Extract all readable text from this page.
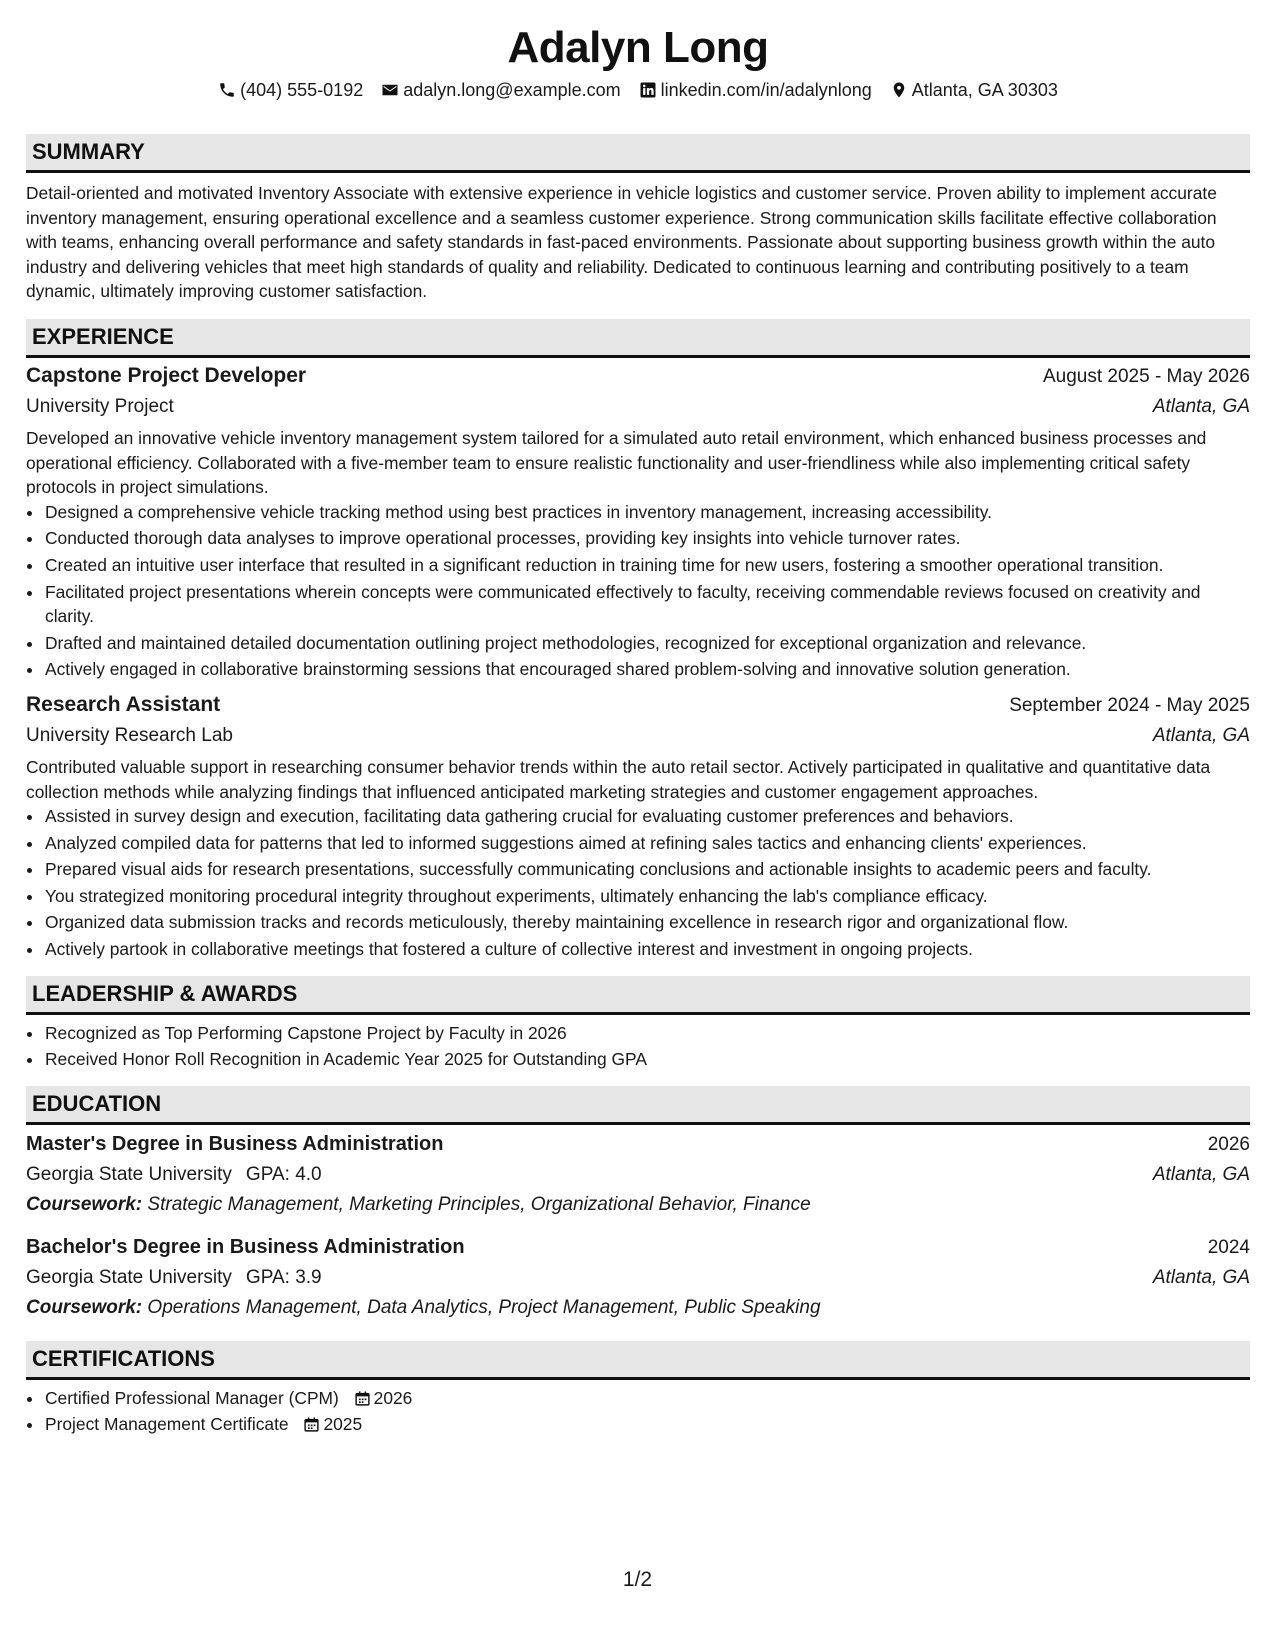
Adalyn Long
(404) 555-0192 adalyn.long@example.com linkedin.com/in/adalynlong Atlanta, GA 30303
SUMMARY

Detail-oriented and motivated Inventory Associate with extensive experience in vehicle logistics and customer service. Proven ability to implement accurate inventory management, ensuring operational excellence and a seamless customer experience. Strong communication skills facilitate effective collaboration with teams, enhancing overall performance and safety standards in fast-paced environments. Passionate about supporting business growth within the auto industry and delivering vehicles that meet high standards of quality and reliability. Dedicated to continuous learning and contributing positively to a team dynamic, ultimately improving customer satisfaction.

EXPERIENCE
Capstone Project Developer	August 2025 - May 2026
University Project	Atlanta, GA

Developed an innovative vehicle inventory management system tailored for a simulated auto retail environment, which enhanced business processes and operational efficiency. Collaborated with a five-member team to ensure realistic functionality and user-friendliness while also implementing critical safety protocols in project simulations.

• Designed a comprehensive vehicle tracking method using best practices in inventory management, increasing accessibility.
• Conducted thorough data analyses to improve operational processes, providing key insights into vehicle turnover rates.
• Created an intuitive user interface that resulted in a significant reduction in training time for new users, fostering a smoother operational transition.
• Facilitated project presentations wherein concepts were communicated effectively to faculty, receiving commendable reviews focused on creativity and clarity.
• Drafted and maintained detailed documentation outlining project methodologies, recognized for exceptional organization and relevance.
• Actively engaged in collaborative brainstorming sessions that encouraged shared problem-solving and innovative solution generation.
Research Assistant	September 2024 - May 2025
University Research Lab	Atlanta, GA

Contributed valuable support in researching consumer behavior trends within the auto retail sector. Actively participated in qualitative and quantitative data collection methods while analyzing findings that influenced anticipated marketing strategies and customer engagement approaches.

• Assisted in survey design and execution, facilitating data gathering crucial for evaluating customer preferences and behaviors.
• Analyzed compiled data for patterns that led to informed suggestions aimed at refining sales tactics and enhancing clients' experiences.
• Prepared visual aids for research presentations, successfully communicating conclusions and actionable insights to academic peers and faculty.
• You strategized monitoring procedural integrity throughout experiments, ultimately enhancing the lab's compliance efficacy.
• Organized data submission tracks and records meticulously, thereby maintaining excellence in research rigor and organizational flow.
• Actively partook in collaborative meetings that fostered a culture of collective interest and investment in ongoing projects.
LEADERSHIP & AWARDS
• Recognized as Top Performing Capstone Project by Faculty in 2026
• Received Honor Roll Recognition in Academic Year 2025 for Outstanding GPA
EDUCATION
Master's Degree in Business Administration	2026
Georgia State University GPA: 4.0	Atlanta, GA
Coursework: Strategic Management, Marketing Principles, Organizational Behavior, Finance
Bachelor's Degree in Business Administration	2024
Georgia State University GPA: 3.9	Atlanta, GA
Coursework: Operations Management, Data Analytics, Project Management, Public Speaking
CERTIFICATIONS
• Certified Professional Manager (CPM) 2026
• Project Management Certificate 2025
1/2
